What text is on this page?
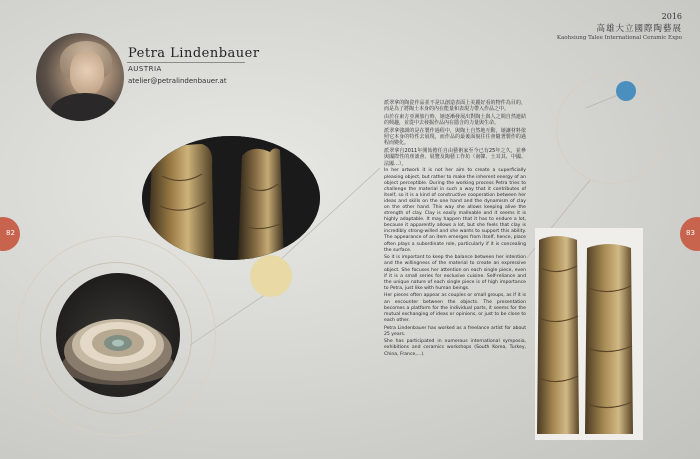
Petra Lindenbauer
AUSTRIA
atelier@petralindenbauer.at
2016
高雄大立國際陶藝展
Kaohsiung Talee International Ceramic Expo
82	83

派翠拿的陶瓷作品並不是以創造表面上美麗好看的物件為目的，而是為了將陶土本身的內在能量和表現力帶入作品之中。

由於在東方亞洲旅行時，她逐漸發展出對陶土與人之間自然連結的興趣，並從中去發掘作品內在隱含的力量與生命。

派翠拿強調的是在製作過程中，與陶土自然地互動，她讓材料依照它本身的特性去展現，而作品的最後面貌往往會隨著製作的過程而變化。

派翠拿自2011年開始擔任自由藝術家至今已有25年之久，並參與國際性的座談會、展覽及陶藝工作坊（南韓、土耳其、中國、法國…）。

In her artwork it is not her aim to create a superficially pleasing object, but rather to make the inherent energy of an object perceptible. During the working process Petra tries to challenge the material in such a way that it contributes of itself, so it is a kind of constructive cooperation between her ideas and skills on the one hand and the dynamism of clay on the other hand. This way she allows keeping alive the strength of clay. Clay is easily malleable and it seems it is highly adaptable. It may happen that it has to endure a lot, because it apparently allows a lot, but she feels that clay is incredibly strong-willed and she wants to support this ability. The appearance of an item emerges from itself, hence, place often plays a subordinate role, particularly if it is concealing the surface.

So it is important to keep the balance between her intention and the willingness of the material to create an expressive object. She focuses her attention on each single piece, even if it is a small series for exclusive cuisine. Self-reliance and the unique nature of each single piece is of high importance to Petra, just like with human beings.

Her pieces often appear as couples or small groups, as if it is an encounter between the objects. The presentation becomes a platform for the individual parts, it seems for the mutual exchanging of ideas or opinions, or just to be close to each other.

Petra Lindenbauer has worked as a freelance artist for about 25 years.

She has participated in numerous international symposia, exhibitions and ceramics workshops (South Korea, Turkey, China, France,…).
